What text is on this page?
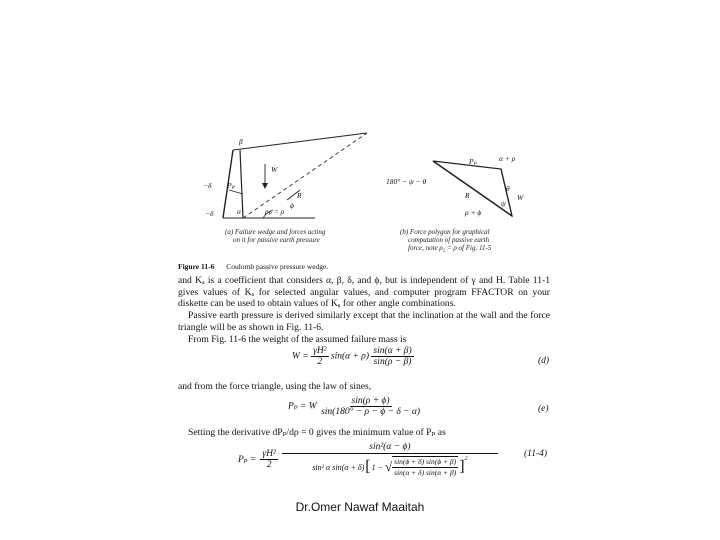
β
W
−δ Pₚ
−δ
R
ϕ
α	ρₚ = ρ
180° − ψ − θ
Pₚ	α + ρ
θ
R	W
ψ
ρ + ϕ
(a) Failure wedge and forces acting
on it for passive earth pressure
(b) Force polygon for graphical
computation of passive earth
force, note ρ₂ = ρ of Fig. 11-5
Figure 11-6 Coulomb passive pressure wedge.
and Kₐ is a coefficient that considers α, β, δ, and ϕ, but is independent of γ and H. Table 11-1 gives values of Kₐ for selected angular values, and computer program FFACTOR on your diskette can be used to obtain values of Kₐ for other angle combinations.
Passive earth pressure is derived similarly except that the inclination at the wall and the force triangle will be as shown in Fig. 11-6.
From Fig. 11-6 the weight of the assumed failure mass is
$W = \frac{\text{γH²}}{2} \sin(\alpha + \rho) \frac{\sin(\alpha + \beta)}{\sin(\rho - \beta)}$	(d)
and from the force triangle, using the law of sines,
Pₚ = W $\frac{\sin(\rho + \phi)}{\sin(180^\circ - \rho - \phi - \delta - \alpha)}$	(e)
Setting the derivative dPₚ/dρ = 0 gives the minimum value of Pₚ as
$P_p = \frac{\text{γH²}}{2}$
sin²(α − ϕ)
sin² α sin(α + δ) [ 1 − √ $\frac{\sin(\phi + \delta) \sin(\phi + \beta)}{\sin(\alpha + \delta) \sin(\alpha + \beta)} ]^2$	(11-4)
Dr.Omer Nawaf Maaitah
